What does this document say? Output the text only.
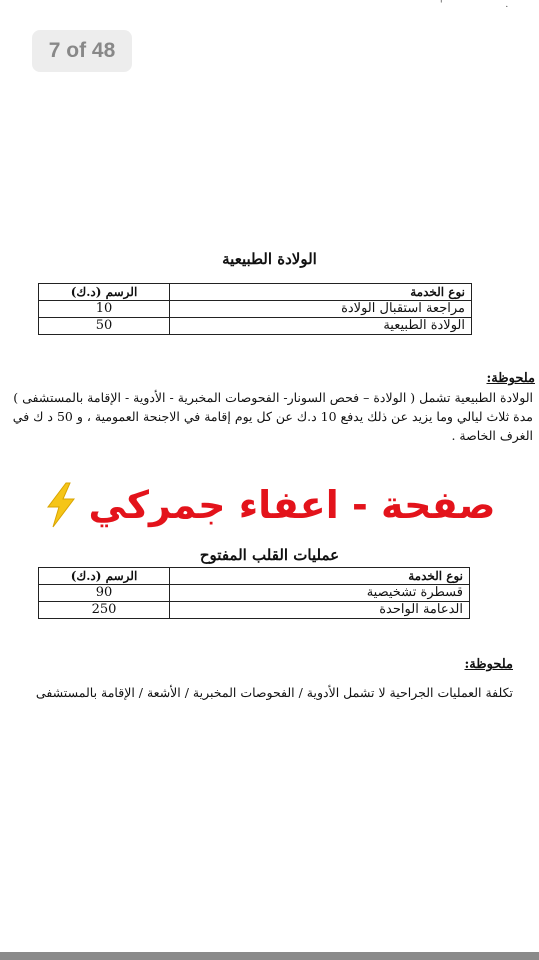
7 of 48
' .
الولادة الطبيعية
نوع الخدمة	الرسم (د.ك)
مراجعة استقبال الولادة	10
الولادة الطبيعية	50
ملحوظة:
الولادة الطبيعية تشمل ( الولادة – فحص السونار- الفحوصات المخبرية - الأدوية - الإقامة بالمستشفى )
مدة ثلاث ليالي وما يزيد عن ذلك يدفع 10 د.ك عن كل يوم إقامة في الاجنحة العمومية ، و 50 د ك في
الغرف الخاصة .
صفحة - اعفاء جمركي
عمليات القلب المفتوح
نوع الخدمة	الرسم (د.ك)
قسطرة تشخيصية	90
الدعامة الواحدة	250
ملحوظة:
تكلفة العمليات الجراحية لا تشمل الأدوية / الفحوصات المخبرية / الأشعة / الإقامة بالمستشفى
